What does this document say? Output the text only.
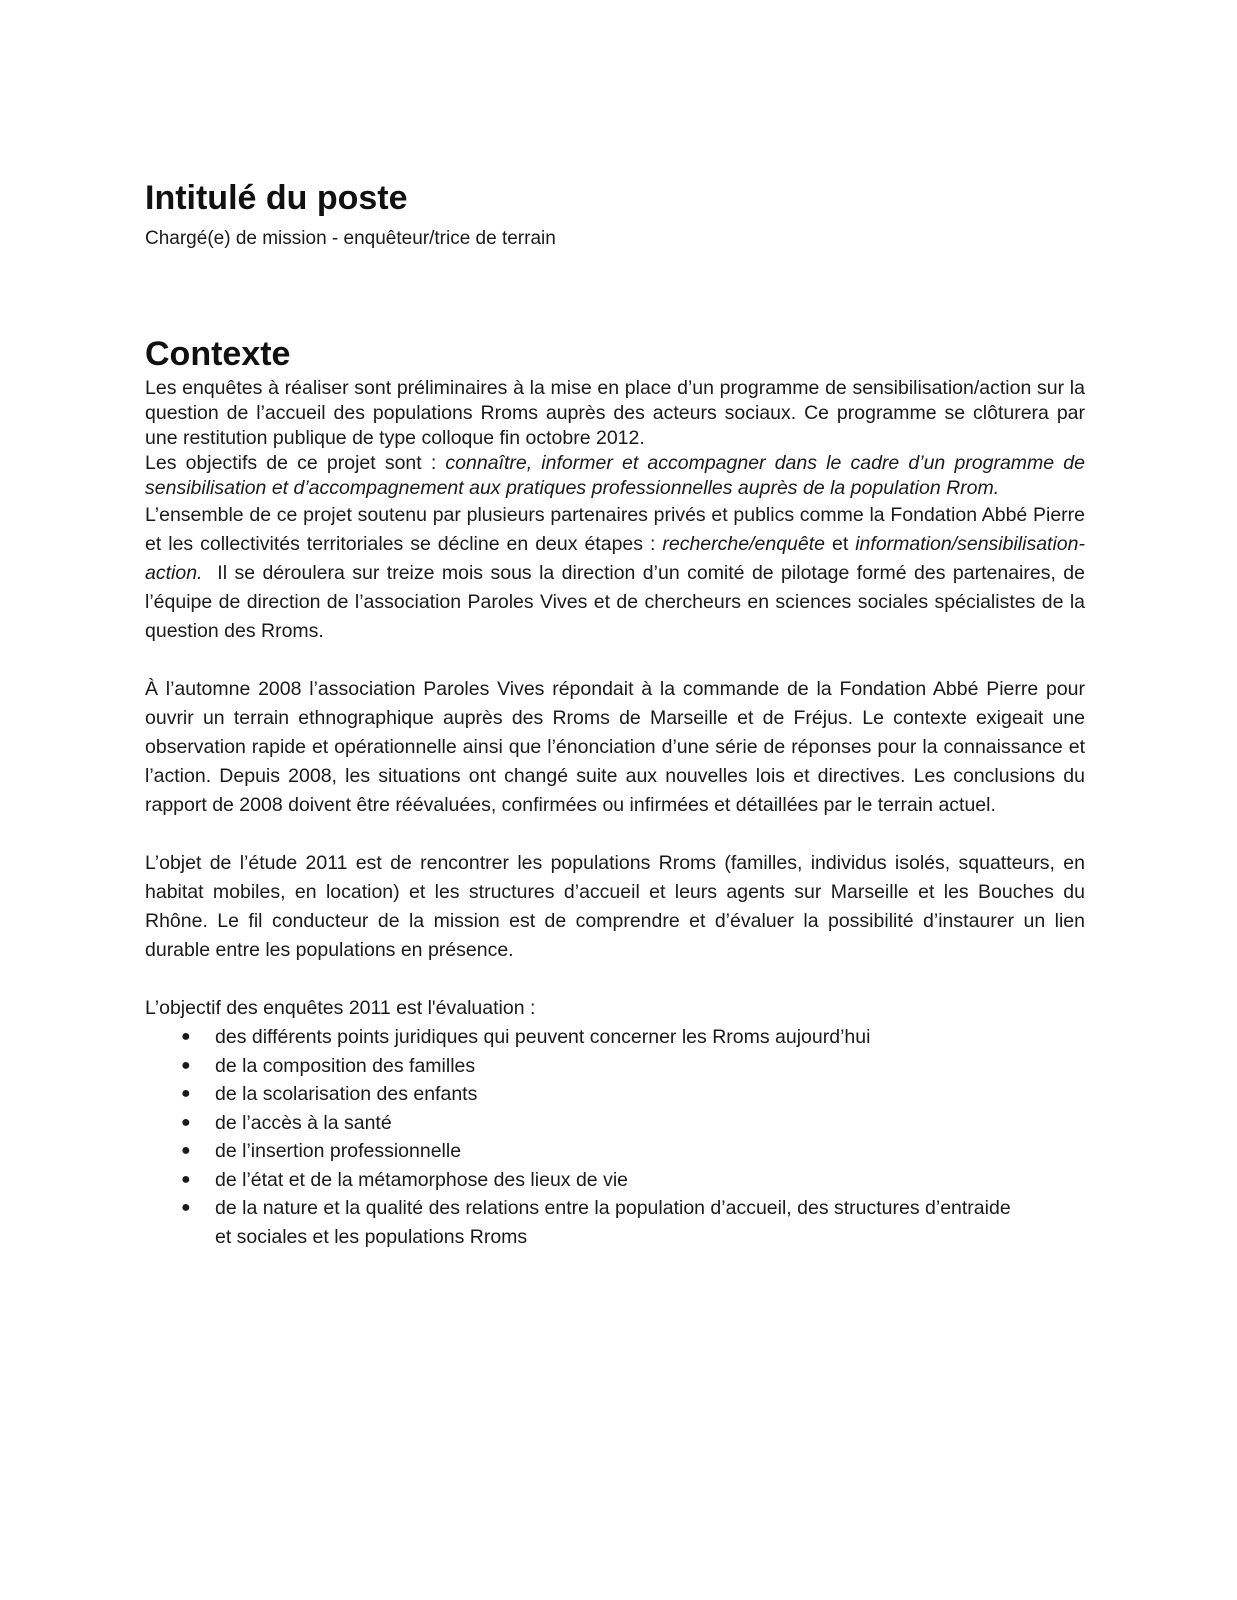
Intitulé du poste

Chargé(e) de mission - enquêteur/trice de terrain

Contexte

Les enquêtes à réaliser sont préliminaires à la mise en place d’un programme de sensibilisation/action sur la question de l’accueil des populations Rroms auprès des acteurs sociaux. Ce programme se clôturera par une restitution publique de type colloque fin octobre 2012.

Les objectifs de ce projet sont : connaître, informer et accompagner dans le cadre d’un programme de sensibilisation et d’accompagnement aux pratiques professionnelles auprès de la population Rrom.

L’ensemble de ce projet soutenu par plusieurs partenaires privés et publics comme la Fondation Abbé Pierre et les collectivités territoriales se décline en deux étapes : recherche/enquête et information/sensibilisation-action.  Il se déroulera sur treize mois sous la direction d’un comité de pilotage formé des partenaires, de l’équipe de direction de l’association Paroles Vives et de chercheurs en sciences sociales spécialistes de la question des Rroms.

À l’automne 2008 l’association Paroles Vives répondait à la commande de la Fondation Abbé Pierre pour ouvrir un terrain ethnographique auprès des Rroms de Marseille et de Fréjus. Le contexte exigeait une observation rapide et opérationnelle ainsi que l’énonciation d’une série de réponses pour la connaissance et l’action. Depuis 2008, les situations ont changé suite aux nouvelles lois et directives. Les conclusions du rapport de 2008 doivent être réévaluées, confirmées ou infirmées et détaillées par le terrain actuel.

L’objet de l’étude 2011 est de rencontrer les populations Rroms (familles, individus isolés, squatteurs, en habitat mobiles, en location) et les structures d’accueil et leurs agents sur Marseille et les Bouches du Rhône. Le fil conducteur de la mission est de comprendre et d’évaluer la possibilité d’instaurer un lien durable entre les populations en présence.

L’objectif des enquêtes 2011 est l'évaluation :

● des différents points juridiques qui peuvent concerner les Rroms aujourd’hui
● de la composition des familles
● de la scolarisation des enfants
● de l’accès à la santé
● de l’insertion professionnelle
● de l’état et de la métamorphose des lieux de vie
● de la nature et la qualité des relations entre la population d’accueil, des structures d’entraide et sociales et les populations Rroms
